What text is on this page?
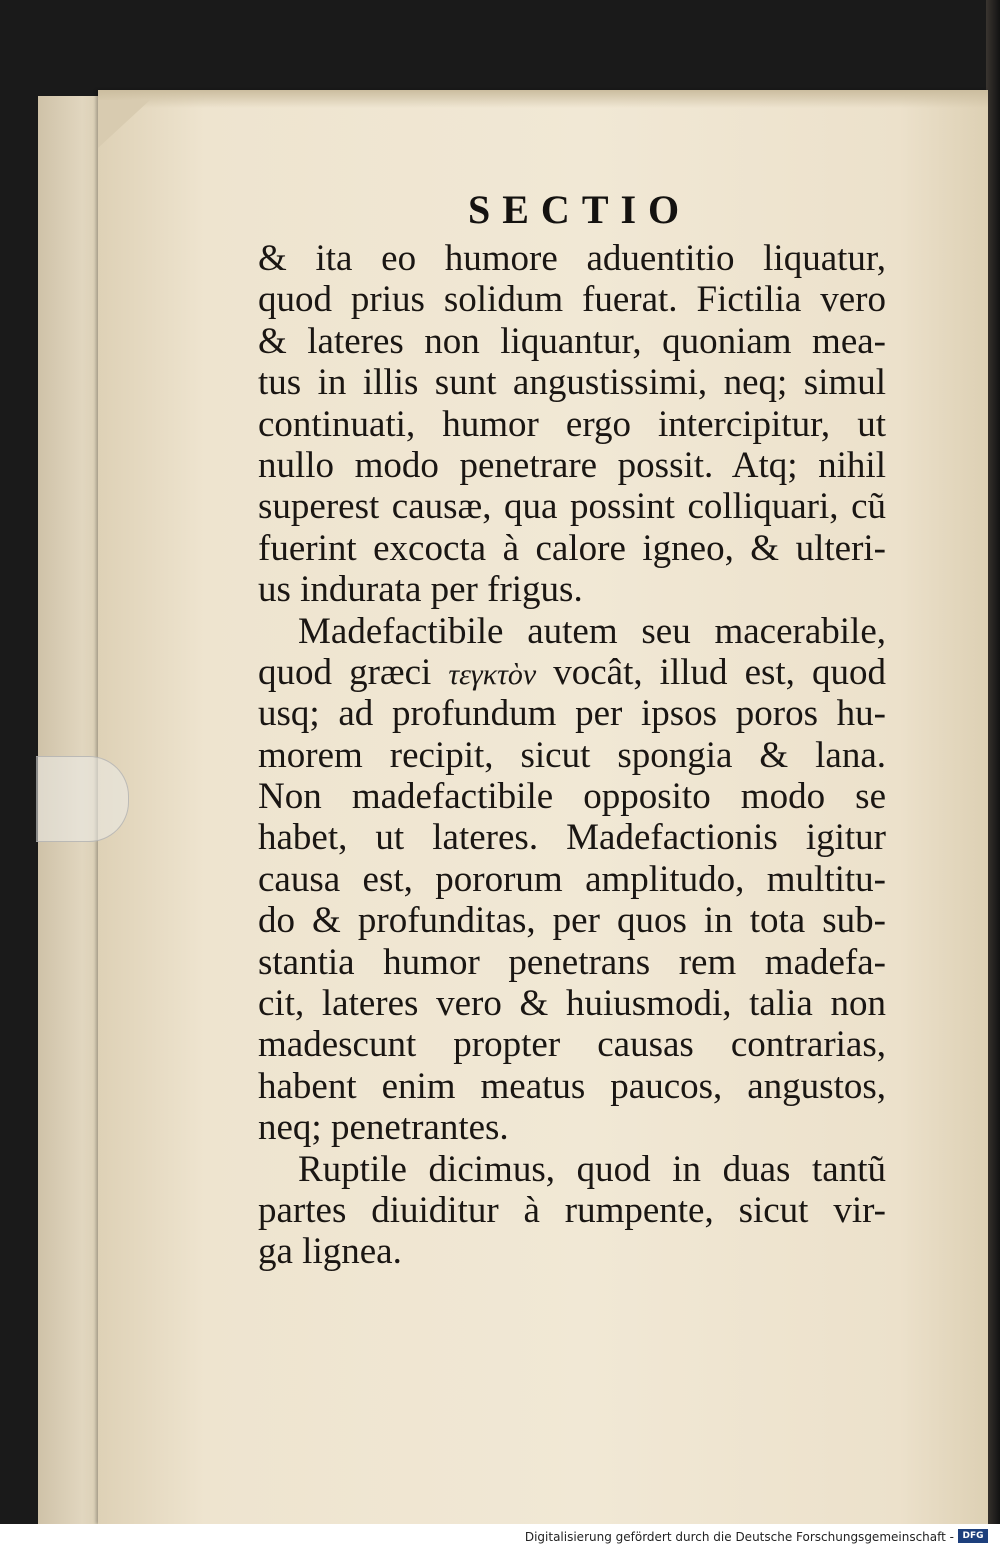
SECTIO
& ita eo humore aduentitio liquatur,
quod prius solidum fuerat. Fictilia vero
& lateres non liquantur, quoniam mea-
tus in illis sunt angustissimi, neq; simul
continuati, humor ergo intercipitur, ut
nullo modo penetrare possit. Atq; nihil
superest causæ, qua possint colliquari, cũ
fuerint excocta à calore igneo, & ulteri-
us indurata per frigus.
Madefactibile autem seu macerabile,
quod græci τεγκτὸν vocât, illud est, quod
usq; ad profundum per ipsos poros hu-
morem recipit, sicut spongia & lana.
Non madefactibile opposito modo se
habet, ut lateres. Madefactionis igitur
causa est, pororum amplitudo, multitu-
do & profunditas, per quos in tota sub-
stantia humor penetrans rem madefa-
cit, lateres vero & huiusmodi, talia non
madescunt propter causas contrarias,
habent enim meatus paucos, angustos,
neq; penetrantes.
Ruptile dicimus, quod in duas tantũ
partes diuiditur à rumpente, sicut vir-
ga lignea.
Digitalisierung gefördert durch die Deutsche Forschungsgemeinschaft - DFG
